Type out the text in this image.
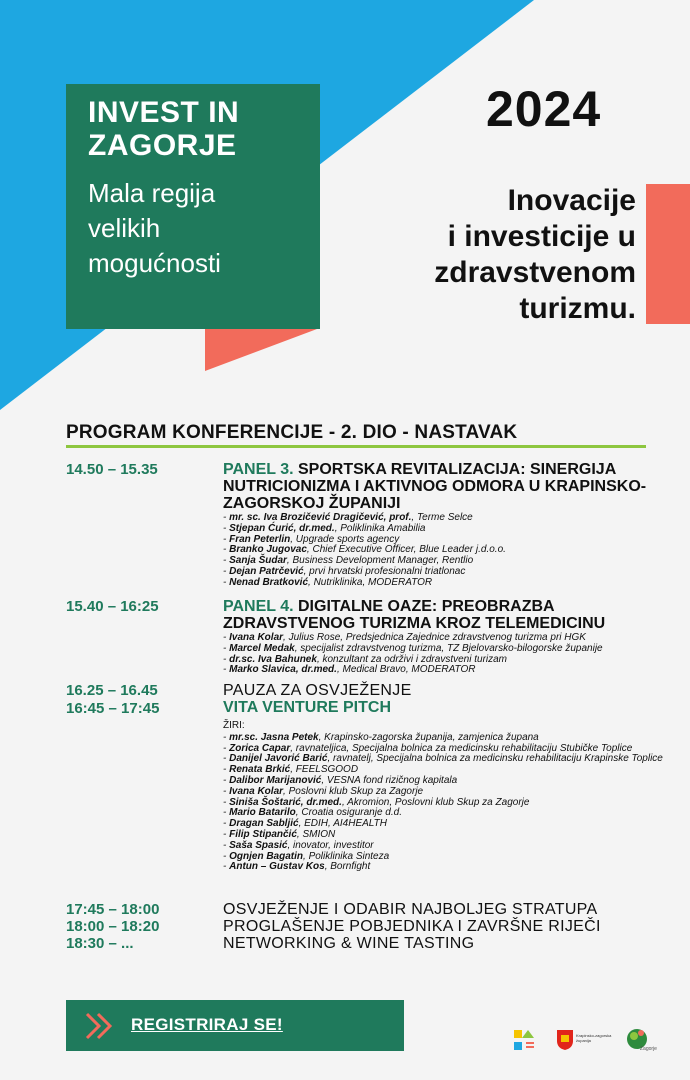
INVEST IN
ZAGORJE
Mala regija
velikih
mogućnosti
2024
Inovacije
i investicije u
zdravstvenom
turizmu.
PROGRAM KONFERENCIJE - 2. DIO - NASTAVAK
14.50 – 15.35	PANEL 3. SPORTSKA REVITALIZACIJA: SINERGIJA NUTRICIONIZMA I AKTIVNOG ODMORA U KRAPINSKO-ZAGORSKOJ ŽUPANIJI
- mr. sc. Iva Brozičević Dragičević, prof., Terme Selce
- Stjepan Ćurić, dr.med., Poliklinika Amabilia
- Fran Peterlin, Upgrade sports agency
- Branko Jugovac, Chief Executive Officer, Blue Leader j.d.o.o.
- Sanja Šudar, Business Development Manager, Rentlio
- Dejan Patrčević, prvi hrvatski profesionalni triatlonac
- Nenad Bratković, Nutriklinika, MODERATOR
15.40 – 16:25	PANEL 4. DIGITALNE OAZE: PREOBRAZBA ZDRAVSTVENOG TURIZMA KROZ TELEMEDICINU
- Ivana Kolar, Julius Rose, Predsjednica Zajednice zdravstvenog turizma pri HGK
- Marcel Medak, specijalist zdravstvenog turizma, TZ Bjelovarsko-bilogorske županije
- dr.sc. Iva Bahunek, konzultant za održivi i zdravstveni turizam
- Marko Slavica, dr.med., Medical Bravo, MODERATOR
16.25 – 16.45
16:45 – 17:45
PAUZA ZA OSVJEŽENJE
VITA VENTURE PITCH
ŽIRI:
- mr.sc. Jasna Petek, Krapinsko-zagorska županija, zamjenica župana
- Zorica Capar, ravnateljica, Specijalna bolnica za medicinsku rehabilitaciju Stubičke Toplice
- Danijel Javorić Barić, ravnatelj, Specijalna bolnica za medicinsku rehabilitaciju Krapinske Toplice
- Renata Brkić, FEELSGOOD
- Dalibor Marijanović, VESNA fond rizičnog kapitala
- Ivana Kolar, Poslovni klub Skup za Zagorje
- Siniša Šoštarić, dr.med., Akromion, Poslovni klub Skup za Zagorje
- Mario Batarilo, Croatia osiguranje d.d.
- Dragan Sabljić, EDIH, AI4HEALTH
- Filip Stipančić, SMION
- Saša Spasić, inovator, investitor
- Ognjen Bagatin, Poliklinika Sinteza
- Antun – Gustav Kos, Bornfight
17:45 – 18:00
18:00 – 18:20
18:30 – ...
OSVJEŽENJE I ODABIR NAJBOLJEG STRATUPA
PROGLAŠENJE POBJEDNIKA I ZAVRŠNE RIJEČI
NETWORKING & WINE TASTING
REGISTRIRAJ SE!
Krapinsko-zagorska županija
Zagorje
